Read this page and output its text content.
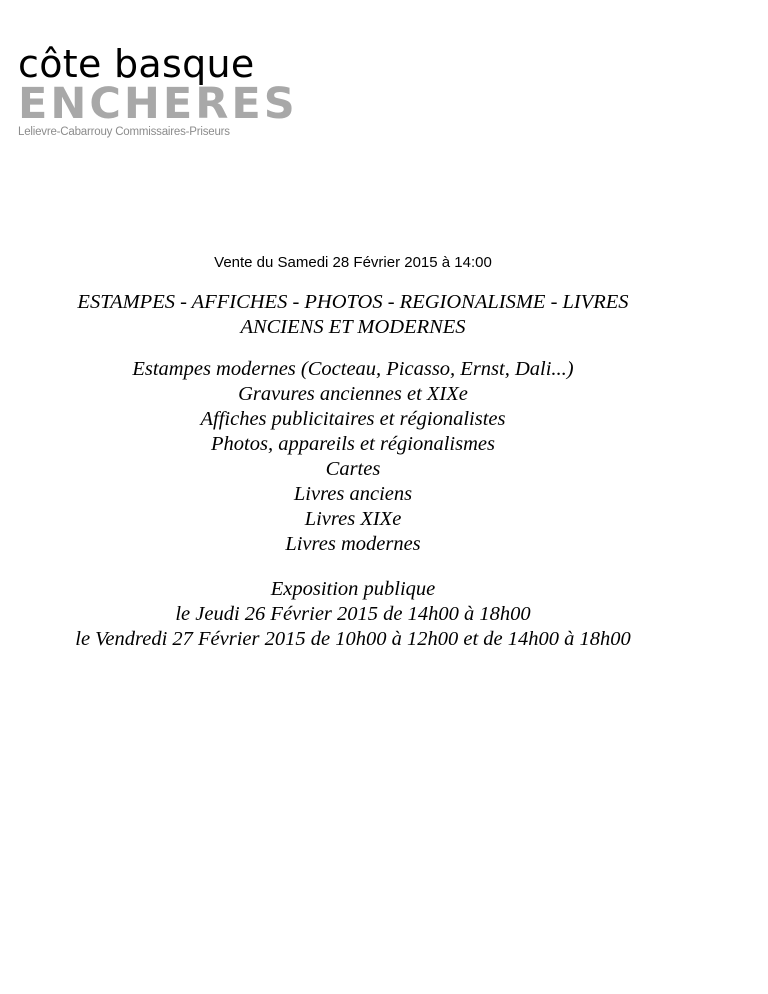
côte basque
ENCHERES
Lelievre-Cabarrouy Commissaires-Priseurs
Vente du Samedi 28 Février 2015 à 14:00
ESTAMPES - AFFICHES - PHOTOS - REGIONALISME - LIVRES
ANCIENS ET MODERNES
Estampes modernes (Cocteau, Picasso, Ernst, Dali...)
Gravures anciennes et XIXe
Affiches publicitaires et régionalistes
Photos, appareils et régionalismes
Cartes
Livres anciens
Livres XIXe
Livres modernes
Exposition publique
le Jeudi 26 Février 2015 de 14h00 à 18h00
le Vendredi 27 Février 2015 de 10h00 à 12h00 et de 14h00 à 18h00
